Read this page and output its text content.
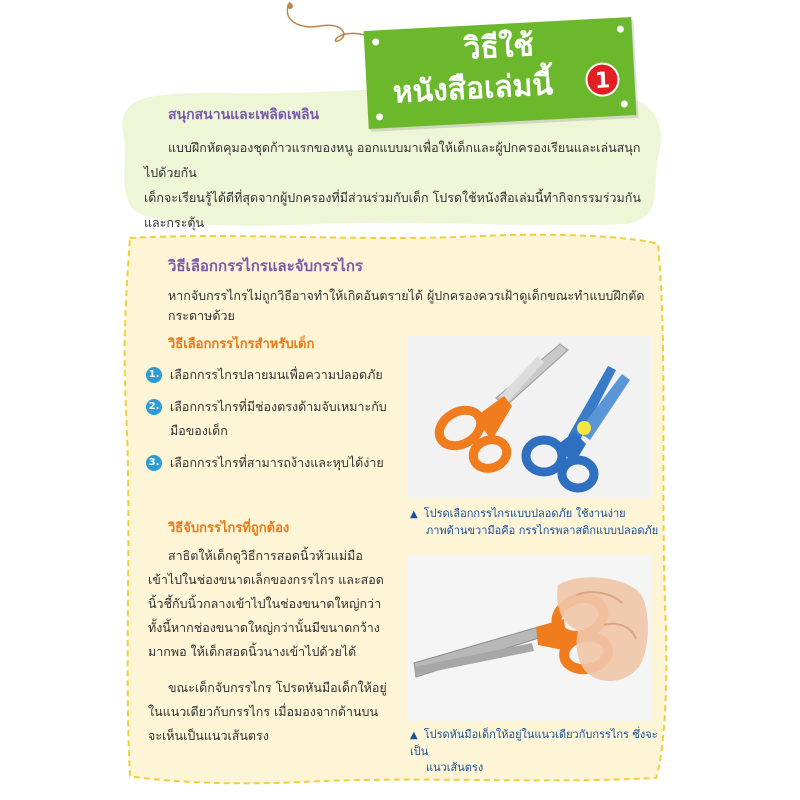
วิธีใช้
หนังสือเล่มนี้	1
สนุกสนานและเพลิดเพลิน

แบบฝึกหัดคุมองชุดก้าวแรกของหนู ออกแบบมาเพื่อให้เด็กและผู้ปกครองเรียนและเล่นสนุกไปด้วยกัน

เด็กจะเรียนรู้ได้ดีที่สุดจากผู้ปกครองที่มีส่วนร่วมกับเด็ก โปรดใช้หนังสือเล่มนี้ทำกิจกรรมร่วมกัน และกระตุ้น

วิธีเลือกกรรไกรและจับกรรไกร
หากจับกรรไกรไม่ถูกวิธีอาจทำให้เกิดอันตรายได้ ผู้ปกครองควรเฝ้าดูเด็กขณะทำแบบฝึกตัดกระดาษด้วย
วิธีเลือกกรรไกรสำหรับเด็ก
1. เลือกกรรไกรปลายมนเพื่อความปลอดภัย
2. เลือกกรรไกรที่มีช่องตรงด้ามจับเหมาะกับมือของเด็ก
3. เลือกกรรไกรที่สามารถง้างและหุบได้ง่าย
วิธีจับกรรไกรที่ถูกต้อง

สาธิตให้เด็กดูวิธีการสอดนิ้วหัวแม่มือเข้าไปในช่องขนาดเล็กของกรรไกร และสอดนิ้วชี้กับนิ้วกลางเข้าไปในช่องขนาดใหญ่กว่า ทั้งนี้หากช่องขนาดใหญ่กว่านั้นมีขนาดกว้างมากพอ ให้เด็กสอดนิ้วนางเข้าไปด้วยได้

ขณะเด็กจับกรรไกร โปรดหันมือเด็กให้อยู่ในแนวเดียวกับกรรไกร เมื่อมองจากด้านบนจะเห็นเป็นแนวเส้นตรง

▲ โปรดเลือกกรรไกรแบบปลอดภัย ใช้งานง่าย
ภาพด้านขวามือคือ กรรไกรพลาสติกแบบปลอดภัย
▲ โปรดหันมือเด็กให้อยู่ในแนวเดียวกับกรรไกร ซึ่งจะเป็น
แนวเส้นตรง
